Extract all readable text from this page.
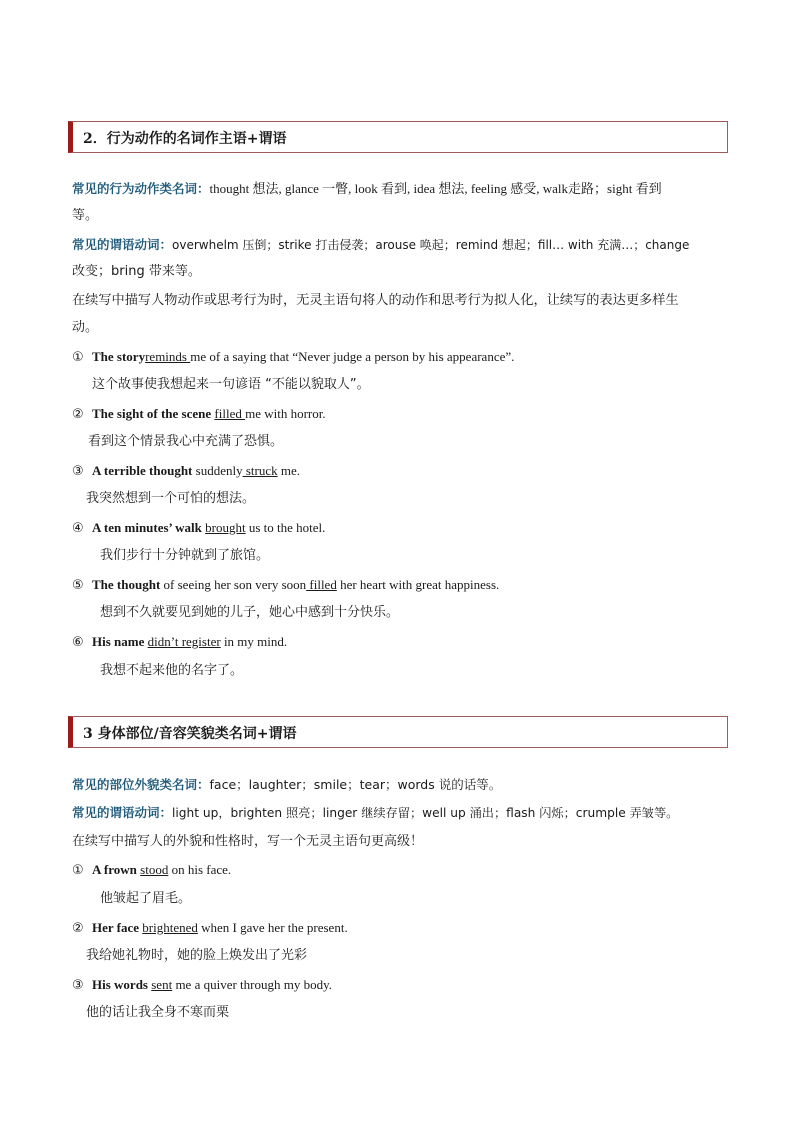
2．行为动作的名词作主语+谓语
常见的行为动作类名词：thought 想法, glance 一瞥, look 看到, idea 想法, feeling 感受, walk走路；sight 看到
等。
常见的谓语动词：overwhelm 压倒；strike 打击侵袭；arouse 唤起；remind 想起；fill… with 充满…；change
改变；bring 带来等。
在续写中描写人物动作或思考行为时，无灵主语句将人的动作和思考行为拟人化，让续写的表达更多样生
动。
① The storyreminds me of a saying that “Never judge a person by his appearance”.
这个故事使我想起来一句谚语 “不能以貌取人”。
② The sight of the scene filled me with horror.
看到这个情景我心中充满了恐惧。
③ A terrible thought suddenly struck me.
我突然想到一个可怕的想法。
④ A ten minutes’ walk brought us to the hotel.
我们步行十分钟就到了旅馆。
⑤ The thought of seeing her son very soon filled her heart with great happiness.
想到不久就要见到她的儿子，她心中感到十分快乐。
⑥ His name didn’t register in my mind.
我想不起来他的名字了。
3 身体部位/音容笑貌类名词+谓语
常见的部位外貌类名词：face；laughter；smile；tear；words 说的话等。
常见的谓语动词：light up，brighten 照亮；linger 继续存留；well up 涌出；flash 闪烁；crumple 弄皱等。
在续写中描写人的外貌和性格时，写一个无灵主语句更高级！
① A frown stood on his face.
他皱起了眉毛。
② Her face brightened when I gave her the present.
我给她礼物时，她的脸上焕发出了光彩
③ His words sent me a quiver through my body.
他的话让我全身不寒而栗
